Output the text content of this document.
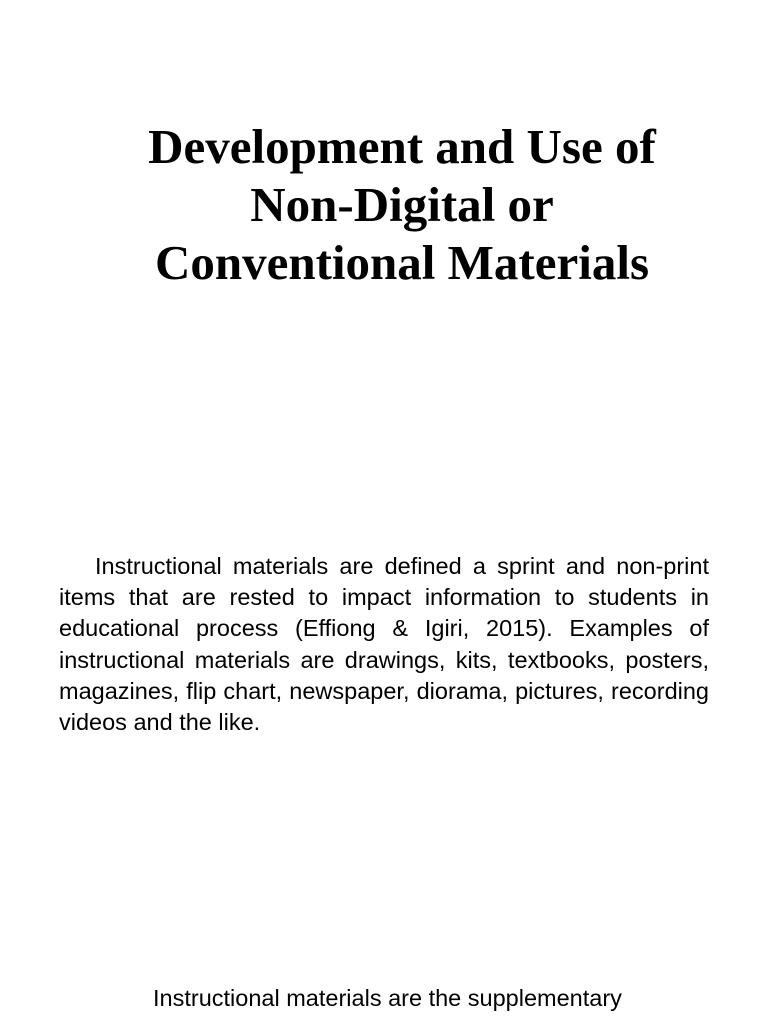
Development and Use of
Non-Digital or
Conventional Materials

Instructional materials are defined a sprint and non-print items that are rested to impact information to students in educational process (Effiong & Igiri, 2015). Examples of instructional materials are drawings, kits, textbooks, posters, magazines, flip chart, newspaper, diorama, pictures, recording videos and the like.

Instructional materials are the supplementary
